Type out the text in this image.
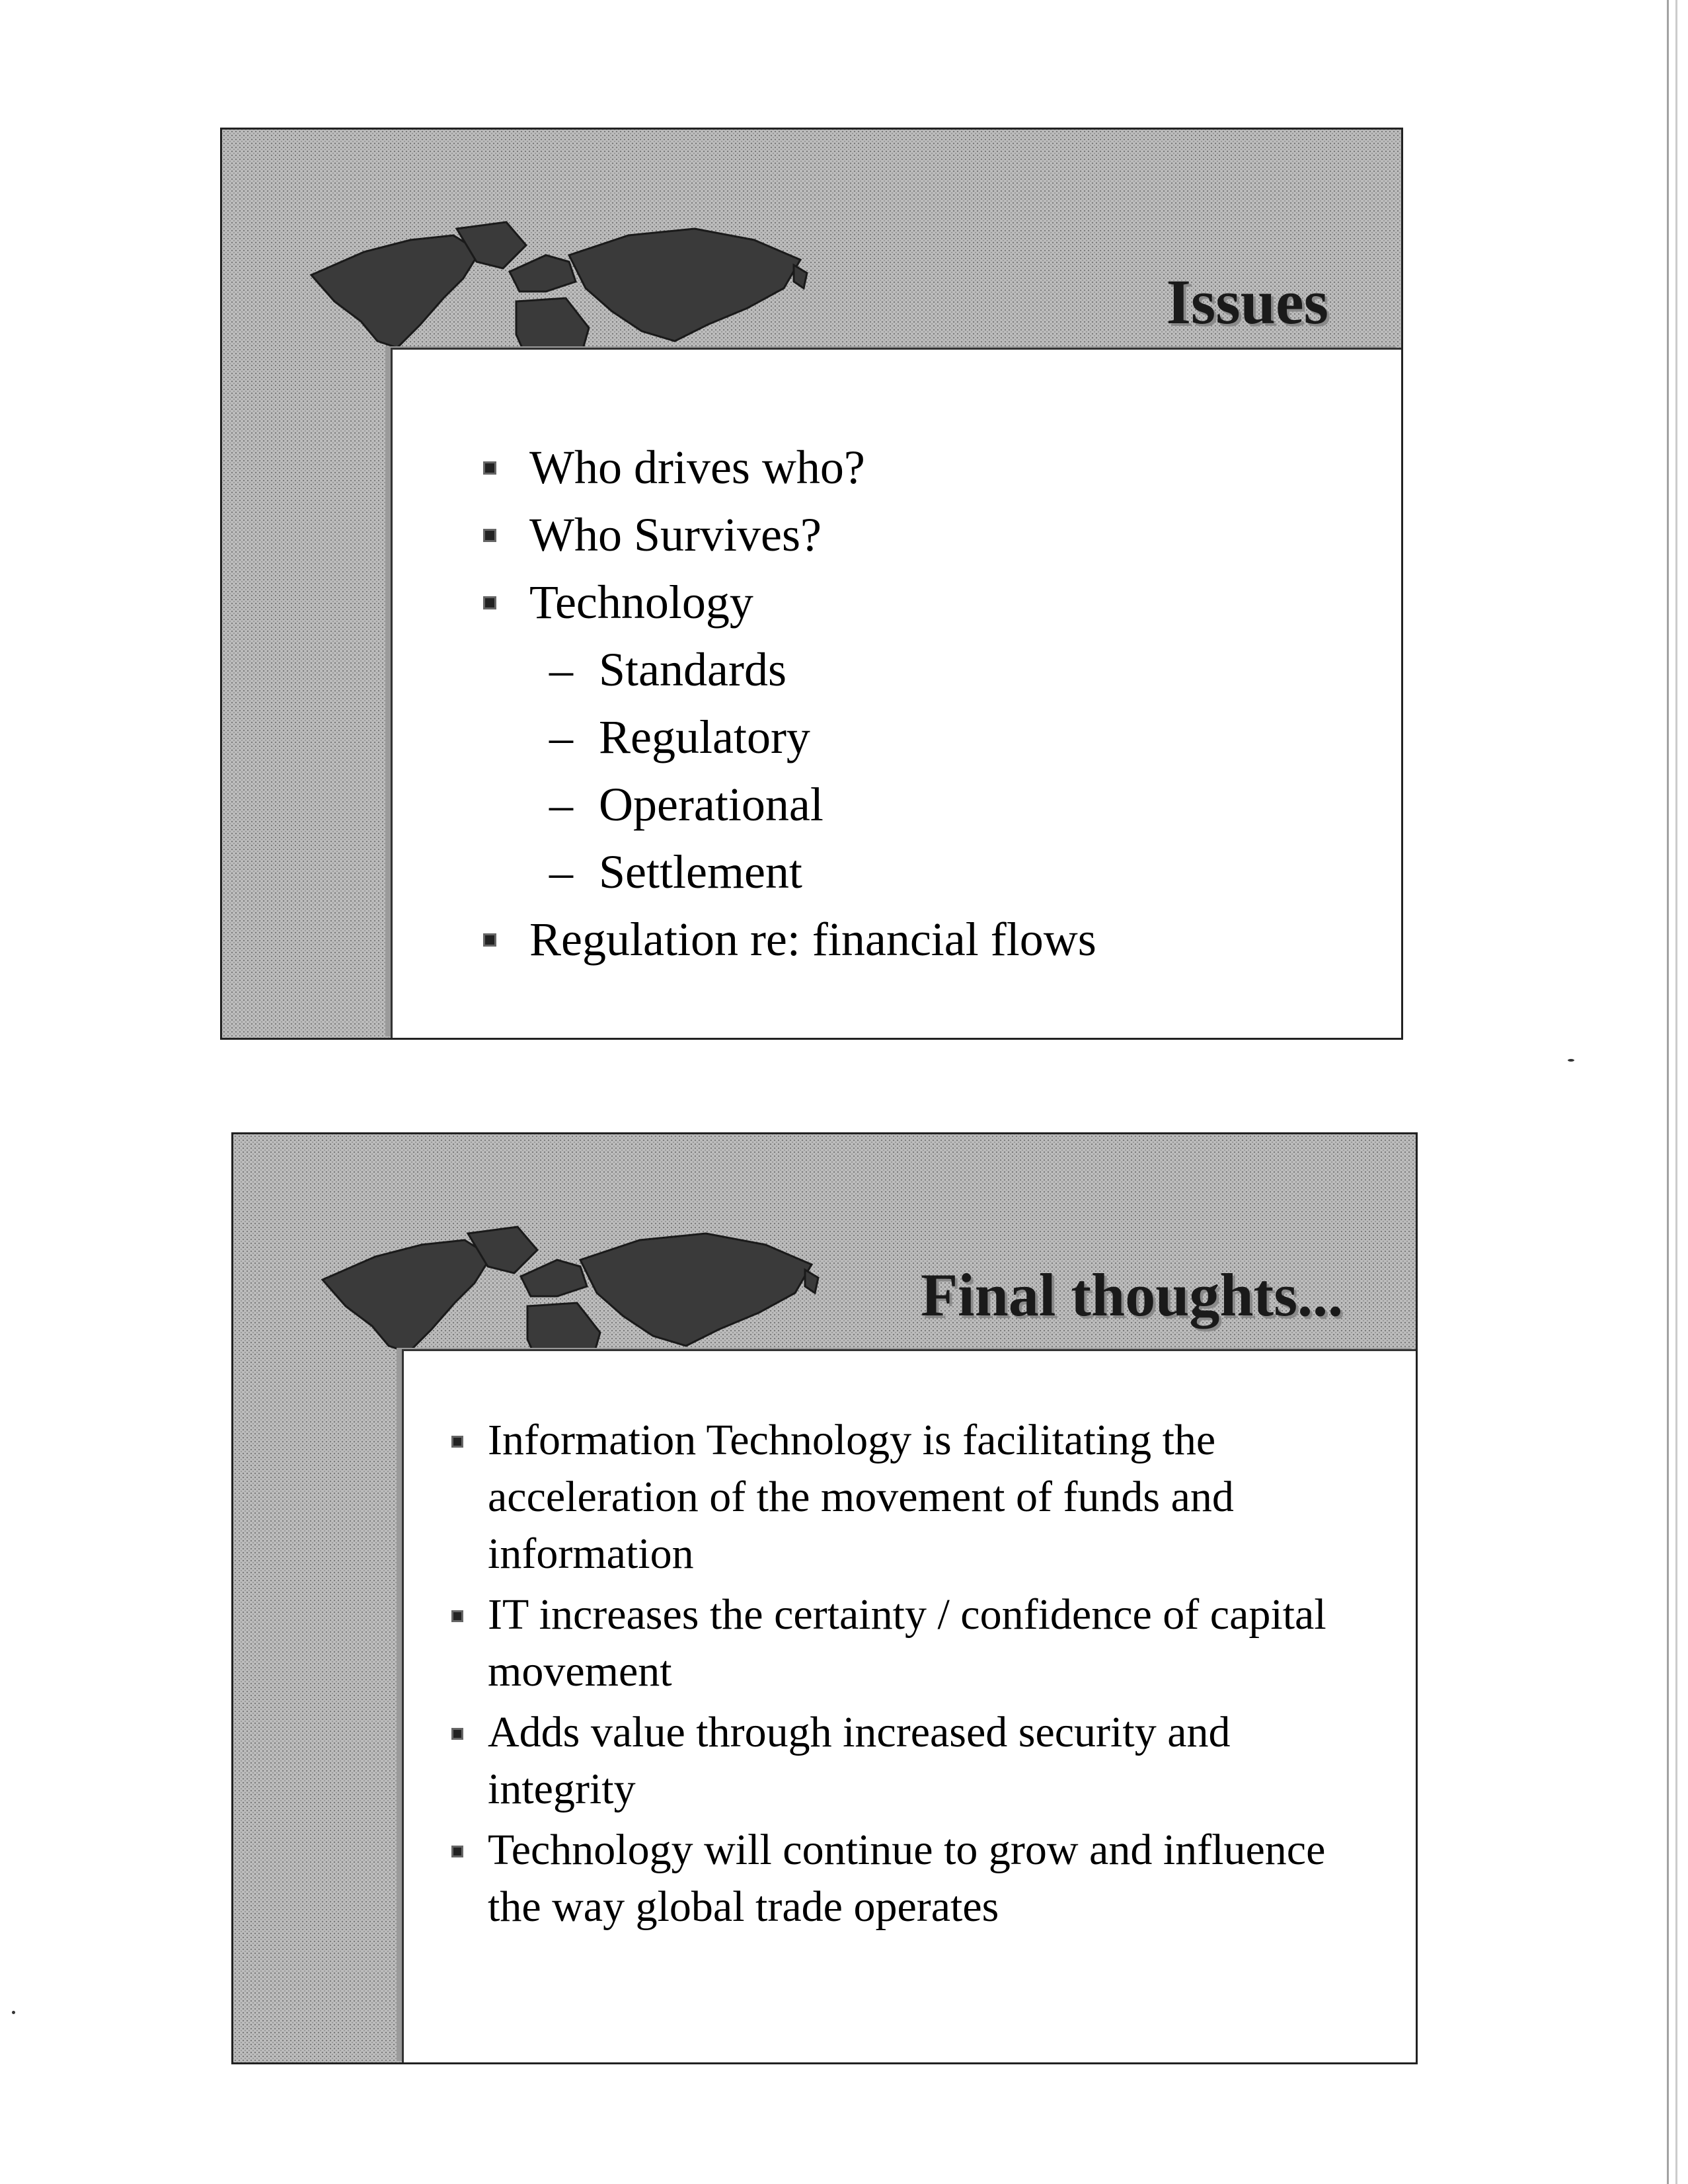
Issues
Who drives who?
Who Survives?
Technology
– Standards
– Regulatory
– Operational
– Settlement
Regulation re: financial flows
Final thoughts...
Information Technology is facilitating the acceleration of the movement of funds and information
IT increases the certainty / confidence of capital movement
Adds value through increased security and integrity
Technology will continue to grow and influence the way global trade operates
